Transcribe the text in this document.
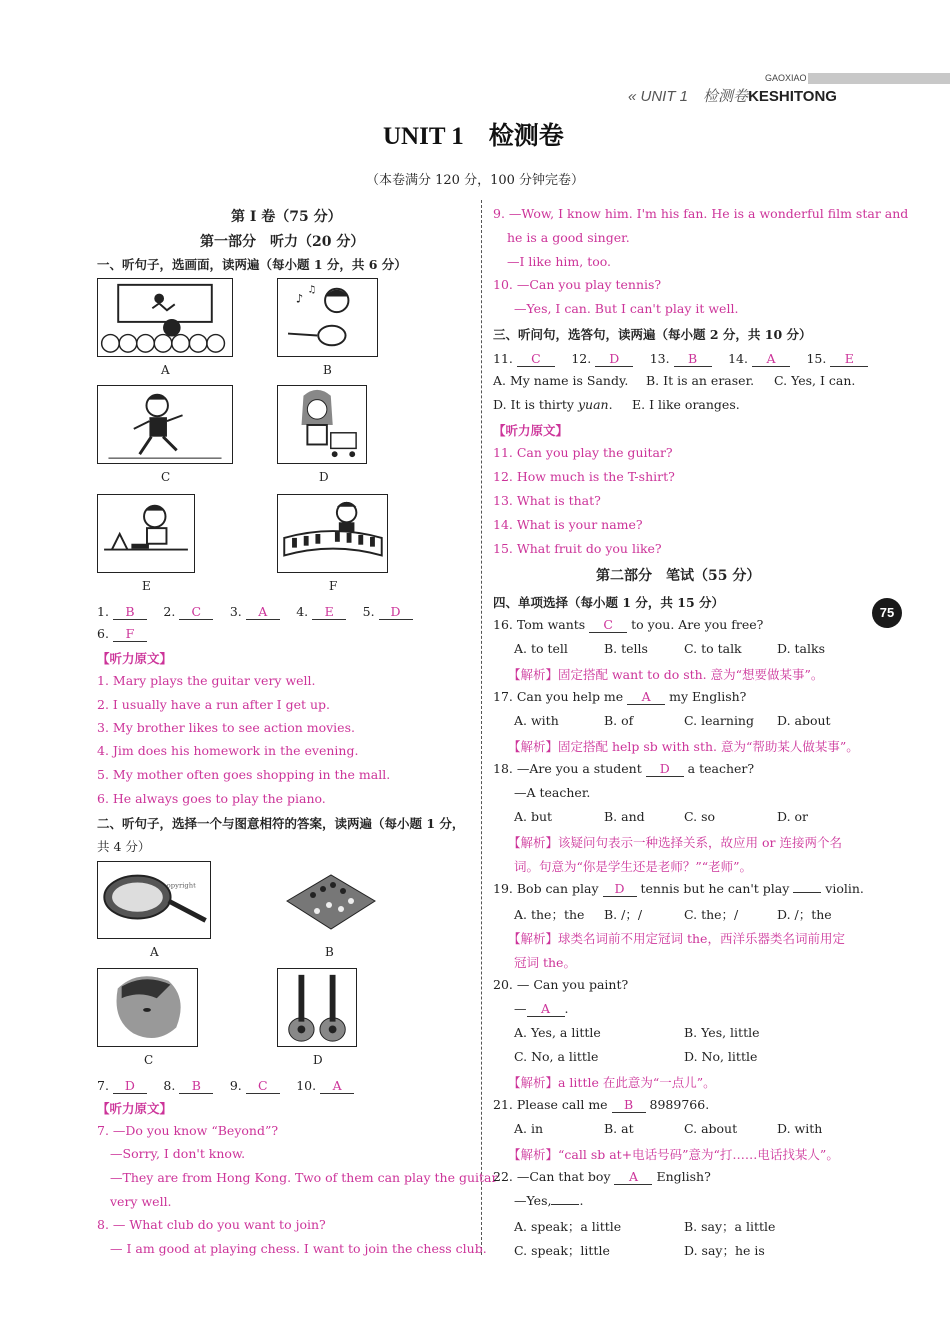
GAOXIAO
« UNIT 1　 检测卷KESHITONG
UNIT 1　检测卷
（本卷满分 120 分，100 分钟完卷）
75
第 Ⅰ 卷（75 分）
第一部分　听力（20 分）
一、听句子，选画面，读两遍（每小题 1 分，共 6 分）
♪
♫
A	B
C	D
E	F
1. B　 2. C　 3. A　 4. E　 5. D
6. F
【听力原文】
1. Mary plays the guitar very well.
2. I usually have a run after I get up.
3. My brother likes to see action movies.
4. Jim does his homework in the evening.
5. My mother often goes shopping in the mall.
6. He always goes to play the piano.
二、听句子，选择一个与图意相符的答案，读两遍（每小题 1 分，
共 4 分）
opyright
A	B
C	D
7. D　 8. B　 9. C　 10. A
【听力原文】
7. —Do you know “Beyond”?
—Sorry, I don't know.
—They are from Hong Kong. Two of them can play the guitar
very well.
8. — What club do you want to join?
— I am good at playing chess. I want to join the chess club.
9. —Wow, I know him. I'm his fan. He is a wonderful film star and
he is a good singer.
—I like him, too.
10. —Can you play tennis?
—Yes, I can. But I can't play it well.
三、听问句，选答句，读两遍（每小题 2 分，共 10 分）
11. C　 12. D　 13. B　 14. A　 15. E
A. My name is Sandy. B. It is an eraser. C. Yes, I can.
D. It is thirty yuan. E. I like oranges.
【听力原文】
11. Can you play the guitar?
12. How much is the T-shirt?
13. What is that?
14. What is your name?
15. What fruit do you like?
第二部分　笔试（55 分）
四、单项选择（每小题 1 分，共 15 分）
16. Tom wants C to you. Are you free?
A. to tell	B. tells	C. to talk	D. talks
【解析】固定搭配 want to do sth. 意为“想要做某事”。
17. Can you help me A my English?
A. with	B. of	C. learning D. about
【解析】固定搭配 help sb with sth. 意为“帮助某人做某事”。
18. —Are you a student D a teacher?
—A teacher.
A. but	B. and	C. so	D. or
【解析】该疑问句表示一种选择关系，故应用 or 连接两个名
词。句意为“你是学生还是老师？”“老师”。
19. Bob can play D tennis but he can't play  violin.
A. the；the B. /；/	C. the；/	D. /；the
【解析】球类名词前不用定冠词 the，西洋乐器类名词前用定
冠词 the。
20. — Can you paint?
— A .
A. Yes, a little	B. Yes, little
C. No, a little	D. No, little
【解析】a little 在此意为“一点儿”。
21. Please call me B 8989766.
A. in	B. at	C. about	D. with
【解析】“call sb at+电话号码”意为“打……电话找某人”。
22. —Can that boy A English?
—Yes, .
A. speak；a little	B. say；a little
C. speak；little	D. say；he is
